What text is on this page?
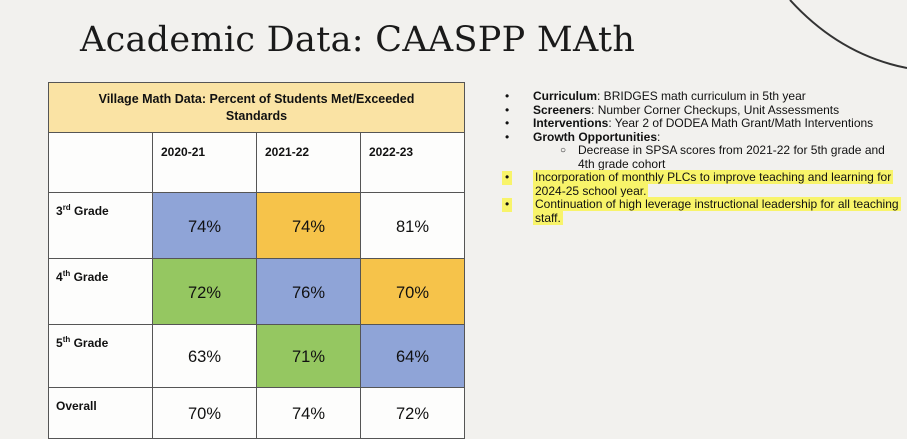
Academic Data: CAASPP MAth
Village Math Data: Percent of Students Met/Exceeded Standards			
	2020-21	2021-22	2022-23
3rd Grade	74%	74%	81%
4th Grade	72%	76%	70%
5th Grade	63%	71%	64%
Overall	70%	74%	72%

• Curriculum: BRIDGES math curriculum in 5th year

• Screeners: Number Corner Checkups, Unit Assessments

• Interventions: Year 2 of DODEA Math Grant/Math Interventions

• Growth Opportunities:

○ Decrease in SPSA scores from 2021-22 for 5th grade and 4th grade cohort

• Incorporation of monthly PLCs to improve teaching and learning for 2024-25 school year.

• Continuation of high leverage instructional leadership for all teaching staff.
